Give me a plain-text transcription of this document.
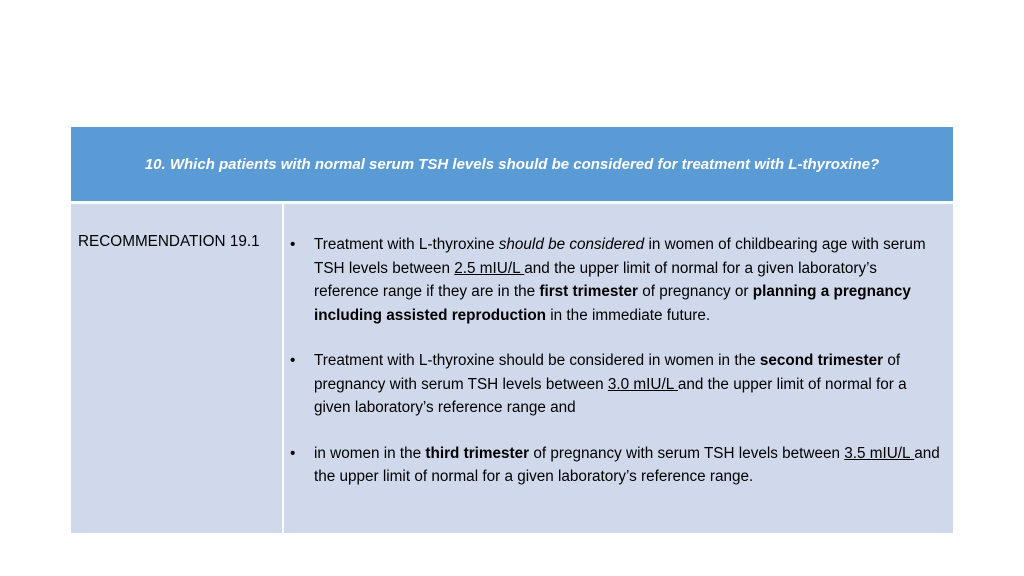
10. Which patients with normal serum TSH levels should be considered for treatment with L-thyroxine?
RECOMMENDATION 19.1	•	Treatment with L-thyroxine should be considered in women of childbearing age with serum TSH levels between 2.5 mIU/L and the upper limit of normal for a given laboratory’s reference range if they are in the first trimester of pregnancy or planning a pregnancy including assisted reproduction in the immediate future.
•	Treatment with L-thyroxine should be considered in women in the second trimester of pregnancy with serum TSH levels between 3.0 mIU/L and the upper limit of normal for a given laboratory’s reference range and
•	in women in the third trimester of pregnancy with serum TSH levels between 3.5 mIU/L and the upper limit of normal for a given laboratory’s reference range.
